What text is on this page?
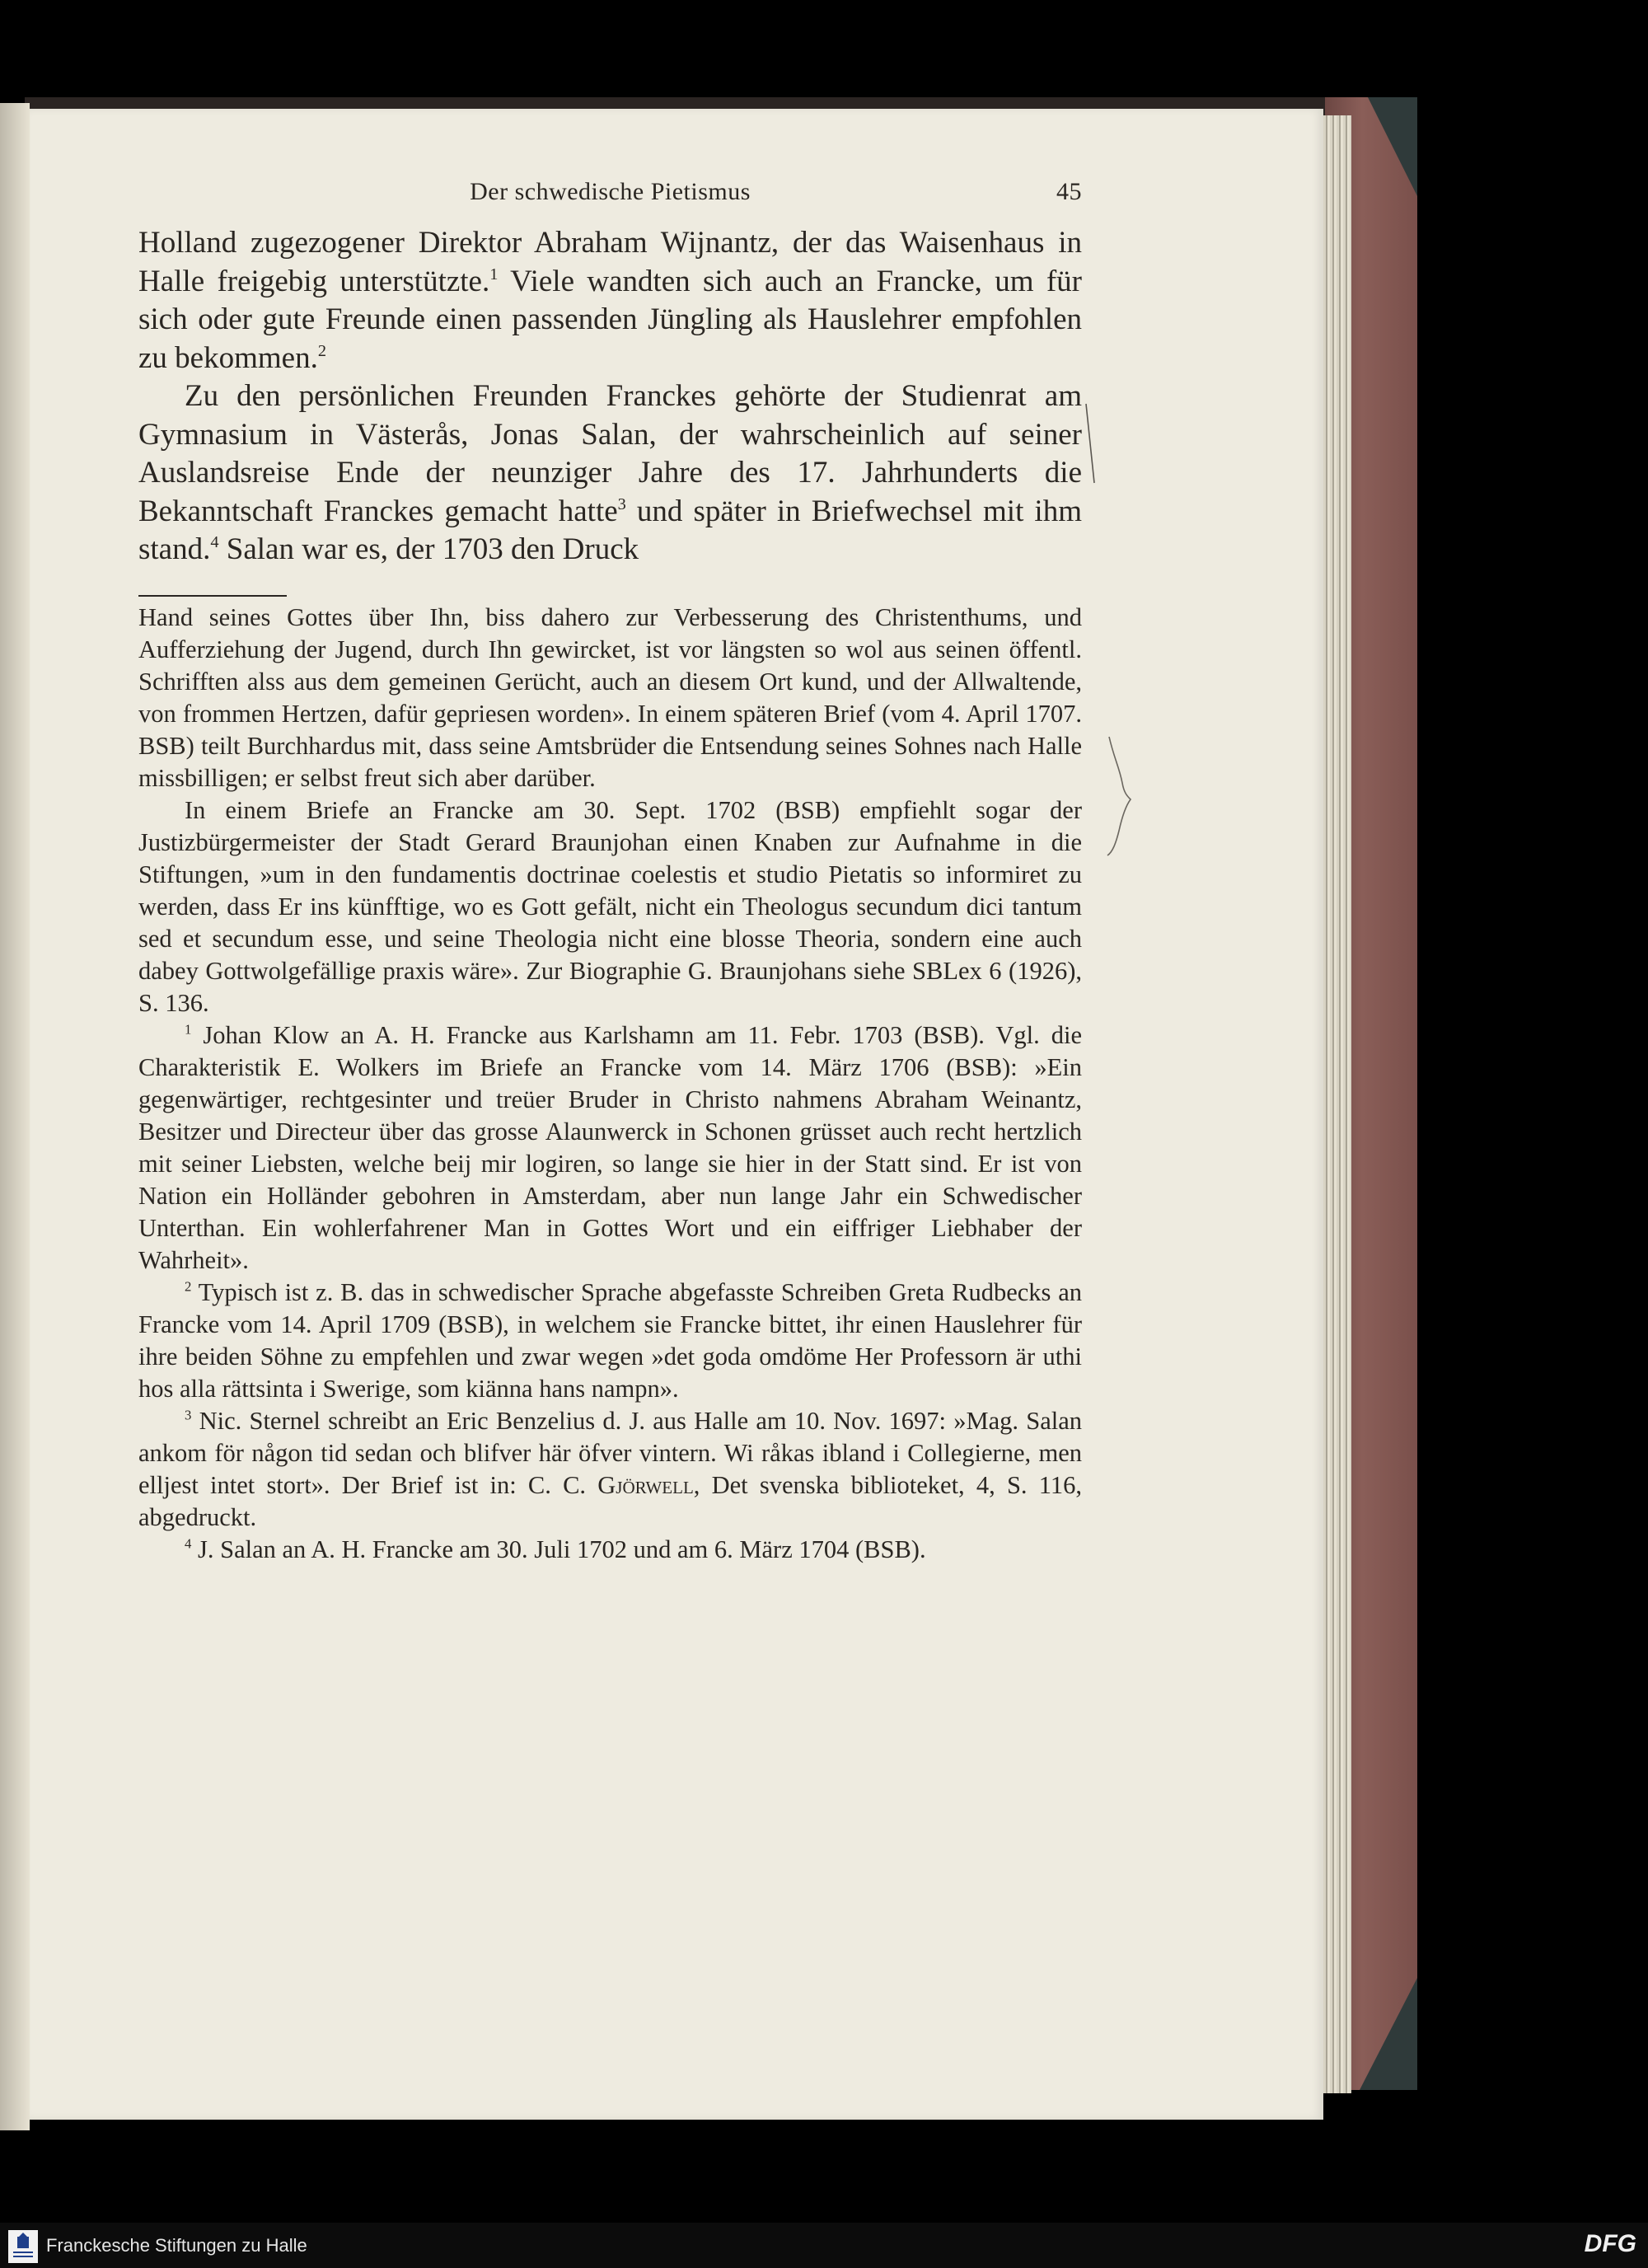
Der schwedische Pietismus	45

Holland zugezogener Direktor Abraham Wijnantz, der das Waisenhaus in Halle freigebig unterstützte.$^1$ Viele wandten sich auch an Francke, um für sich oder gute Freunde einen passenden Jüngling als Hauslehrer empfohlen zu bekommen.$^2$

Zu den persönlichen Freunden Franckes gehörte der Studienrat am Gymnasium in Västerås, Jonas Salan, der wahrscheinlich auf seiner Auslandsreise Ende der neunziger Jahre des 17. Jahrhunderts die Bekanntschaft Franckes gemacht hatte$^3$ und später in Briefwechsel mit ihm stand.$^4$ Salan war es, der 1703 den Druck

Hand seines Gottes über Ihn, biss dahero zur Verbesserung des Christenthums, und Aufferziehung der Jugend, durch Ihn gewircket, ist vor längsten so wol aus seinen öffentl. Schrifften alss aus dem gemeinen Gerücht, auch an diesem Ort kund, und der Allwaltende, von frommen Hertzen, dafür gepriesen worden». In einem späteren Brief (vom 4. April 1707. BSB) teilt Burchhardus mit, dass seine Amtsbrüder die Entsendung seines Sohnes nach Halle missbilligen; er selbst freut sich aber darüber.

In einem Briefe an Francke am 30. Sept. 1702 (BSB) empfiehlt sogar der Justizbürgermeister der Stadt Gerard Braunjohan einen Knaben zur Aufnahme in die Stiftungen, »um in den fundamentis doctrinae coelestis et studio Pietatis so informiret zu werden, dass Er ins künfftige, wo es Gott gefält, nicht ein Theologus secundum dici tantum sed et secundum esse, und seine Theologia nicht eine blosse Theoria, sondern eine auch dabey Gottwolgefällige praxis wäre». Zur Biographie G. Braunjohans siehe SBLex 6 (1926), S. 136.

$^1$ Johan Klow an A. H. Francke aus Karlshamn am 11. Febr. 1703 (BSB). Vgl. die Charakteristik E. Wolkers im Briefe an Francke vom 14. März 1706 (BSB): »Ein gegenwärtiger, rechtgesinter und treüer Bruder in Christo nahmens Abraham Weinantz, Besitzer und Directeur über das grosse Alaunwerck in Schonen grüsset auch recht hertzlich mit seiner Liebsten, welche beij mir logiren, so lange sie hier in der Statt sind. Er ist von Nation ein Holländer gebohren in Amsterdam, aber nun lange Jahr ein Schwedischer Unterthan. Ein wohlerfahrener Man in Gottes Wort und ein eiffriger Liebhaber der Wahrheit».

$^2$ Typisch ist z. B. das in schwedischer Sprache abgefasste Schreiben Greta Rudbecks an Francke vom 14. April 1709 (BSB), in welchem sie Francke bittet, ihr einen Hauslehrer für ihre beiden Söhne zu empfehlen und zwar wegen »det goda omdöme Her Professorn är uthi hos alla rättsinta i Swerige, som kiänna hans nampn».

$^3$ Nic. Sternel schreibt an Eric Benzelius d. J. aus Halle am 10. Nov. 1697: »Mag. Salan ankom för någon tid sedan och blifver här öfver vintern. Wi råkas ibland i Collegierne, men elljest intet stort». Der Brief ist in: C. C. Gjörwell, Det svenska biblioteket, 4, S. 116, abgedruckt.

$^4$ J. Salan an A. H. Francke am 30. Juli 1702 und am 6. März 1704 (BSB).

Franckesche Stiftungen zu Halle	DFG
